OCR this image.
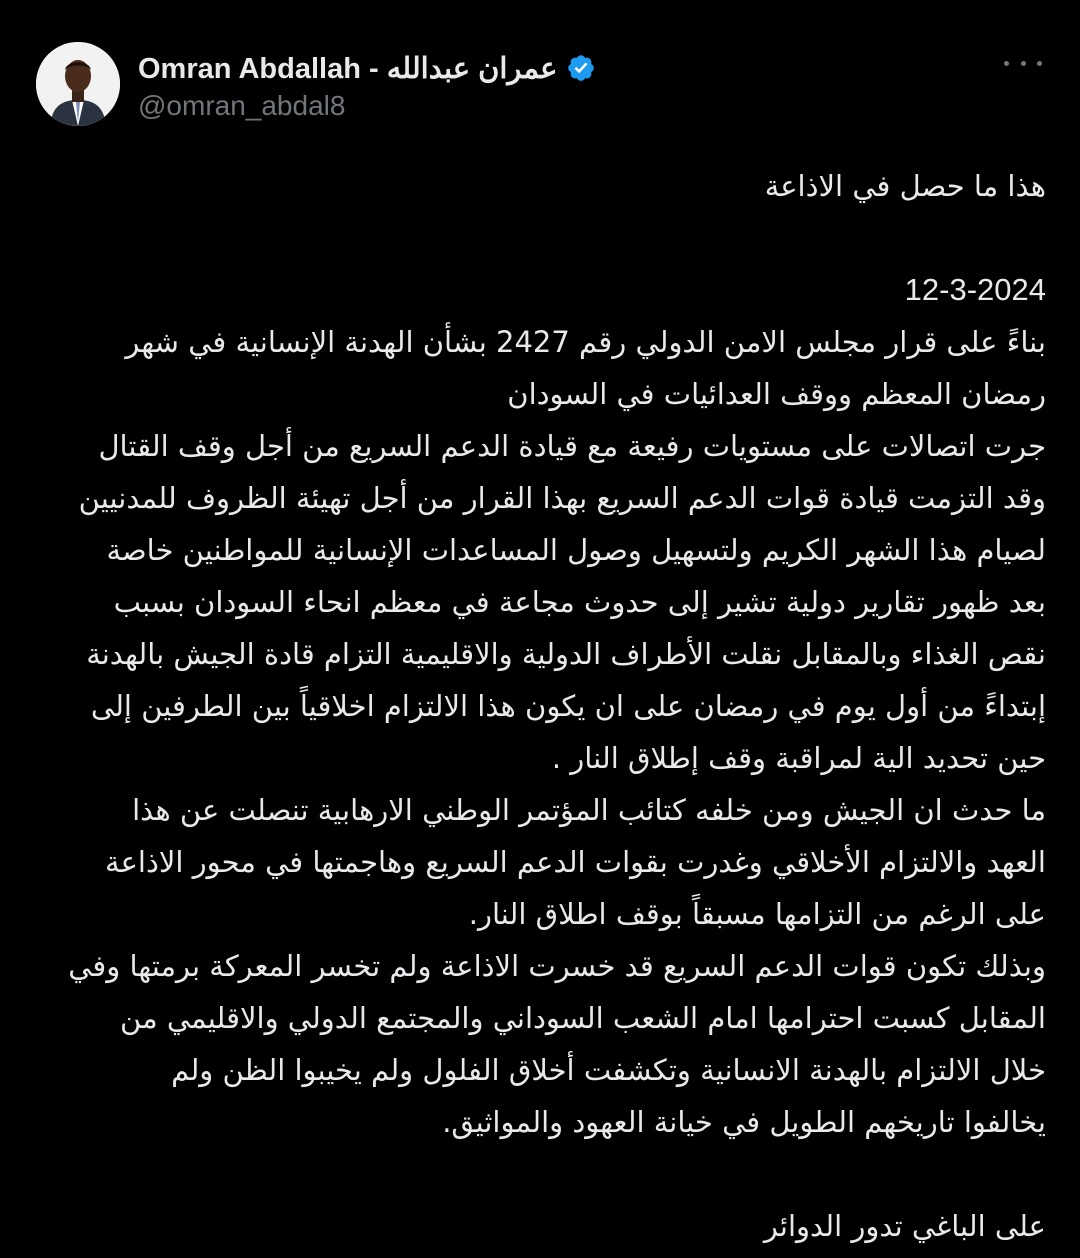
Omran Abdallah - عمران عبدالله
@omran_abdal8

هذا ما حصل في الاذاعة

12-3-2024

بناءً على قرار مجلس الامن الدولي رقم 2427 بشأن الهدنة الإنسانية في شهر

رمضان المعظم ووقف العدائيات في السودان

جرت اتصالات على مستويات رفيعة مع قيادة الدعم السريع من أجل وقف القتال

وقد التزمت قيادة قوات الدعم السريع بهذا القرار من أجل تهيئة الظروف للمدنيين

لصيام هذا الشهر الكريم ولتسهيل وصول المساعدات الإنسانية للمواطنين خاصة

بعد ظهور تقارير دولية تشير إلى حدوث مجاعة في معظم انحاء السودان بسبب

نقص الغذاء وبالمقابل نقلت الأطراف الدولية والاقليمية التزام قادة الجيش بالهدنة

إبتداءً من أول يوم في رمضان على ان يكون هذا الالتزام اخلاقياً بين الطرفين إلى

حين تحديد الية لمراقبة وقف إطلاق النار .

ما حدث ان الجيش ومن خلفه كتائب المؤتمر الوطني الارهابية تنصلت عن هذا

العهد والالتزام الأخلاقي وغدرت بقوات الدعم السريع وهاجمتها في محور الاذاعة

على الرغم من التزامها مسبقاً بوقف اطلاق النار.

وبذلك تكون قوات الدعم السريع قد خسرت الاذاعة ولم تخسر المعركة برمتها وفي

المقابل كسبت احترامها امام الشعب السوداني والمجتمع الدولي والاقليمي من

خلال الالتزام بالهدنة الانسانية وتكشفت أخلاق الفلول ولم يخيبوا الظن ولم

يخالفوا تاريخهم الطويل في خيانة العهود والمواثيق.

على الباغي تدور الدوائر
